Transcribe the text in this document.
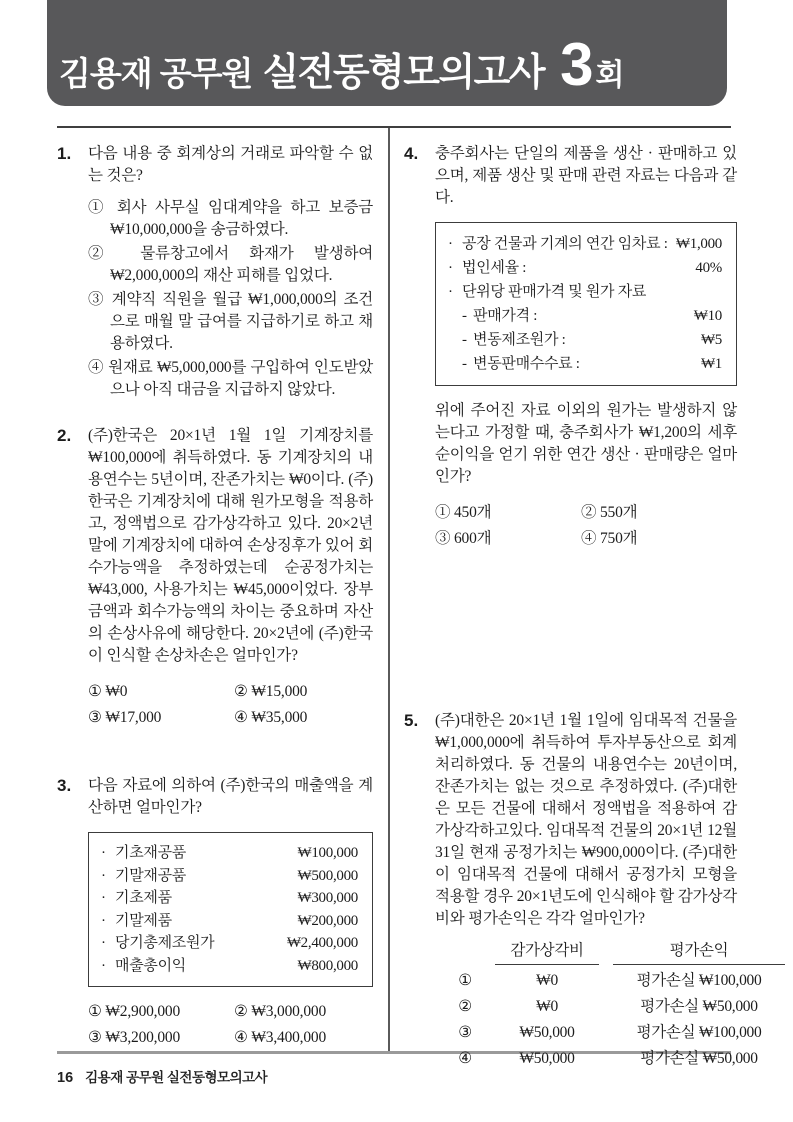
김용재 공무원 실전동형모의고사 3 회
1.	다음 내용 중 회계상의 거래로 파악할 수 없는 것은?
① 회사 사무실 임대계약을 하고 보증금 ₩10,000,000을 송금하였다.
② 물류창고에서 화재가 발생하여 ₩2,000,000의 재산 피해를 입었다.
③ 계약직 직원을 월급 ₩1,000,000의 조건으로 매월 말 급여를 지급하기로 하고 채용하였다.
④ 원재료 ₩5,000,000를 구입하여 인도받았으나 아직 대금을 지급하지 않았다.
2.	(주)한국은 20×1년 1월 1일 기계장치를 ₩100,000에 취득하였다. 동 기계장치의 내용연수는 5년이며, 잔존가치는 ₩0이다. (주)한국은 기계장치에 대해 원가모형을 적용하고, 정액법으로 감가상각하고 있다. 20×2년 말에 기계장치에 대하여 손상징후가 있어 회수가능액을 추정하였는데 순공정가치는 ₩43,000, 사용가치는 ₩45,000이었다. 장부금액과 회수가능액의 차이는 중요하며 자산의 손상사유에 해당한다. 20×2년에 (주)한국이 인식할 손상차손은 얼마인가?
① ₩0	② ₩15,000
③ ₩17,000	④ ₩35,000
3.	다음 자료에 의하여 (주)한국의 매출액을 계산하면 얼마인가?
· 기초재공품	₩100,000
· 기말재공품	₩500,000
· 기초제품	₩300,000
· 기말제품	₩200,000
· 당기총제조원가	₩2,400,000
· 매출총이익	₩800,000
① ₩2,900,000	② ₩3,000,000
③ ₩3,200,000	④ ₩3,400,000
4.	충주회사는 단일의 제품을 생산 · 판매하고 있으며, 제품 생산 및 판매 관련 자료는 다음과 같다.
· 공장 건물과 기계의 연간 임차료 : ₩1,000
· 법인세율 :	40%
· 단위당 판매가격 및 원가 자료
- 판매가격 :	₩10
- 변동제조원가 :	₩5
- 변동판매수수료 :	₩1
위에 주어진 자료 이외의 원가는 발생하지 않는다고 가정할 때, 충주회사가 ₩1,200의 세후순이익을 얻기 위한 연간 생산 · 판매량은 얼마인가?
① 450개	② 550개
③ 600개	④ 750개
5.	(주)대한은 20×1년 1월 1일에 임대목적 건물을 ₩1,000,000에 취득하여 투자부동산으로 회계처리하였다. 동 건물의 내용연수는 20년이며, 잔존가치는 없는 것으로 추정하였다. (주)대한은 모든 건물에 대해서 정액법을 적용하여 감가상각하고있다. 임대목적 건물의 20×1년 12월 31일 현재 공정가치는 ₩900,000이다. (주)대한이 임대목적 건물에 대해서 공정가치 모형을 적용할 경우 20×1년도에 인식해야 할 감가상각비와 평가손익은 각각 얼마인가?
감가상각비	평가손익
①	₩0	평가손실 ₩100,000
②	₩0	평가손실 ₩50,000
③	₩50,000	평가손실 ₩100,000
④	₩50,000	평가손실 ₩50,000
16 김용재 공무원 실전동형모의고사
